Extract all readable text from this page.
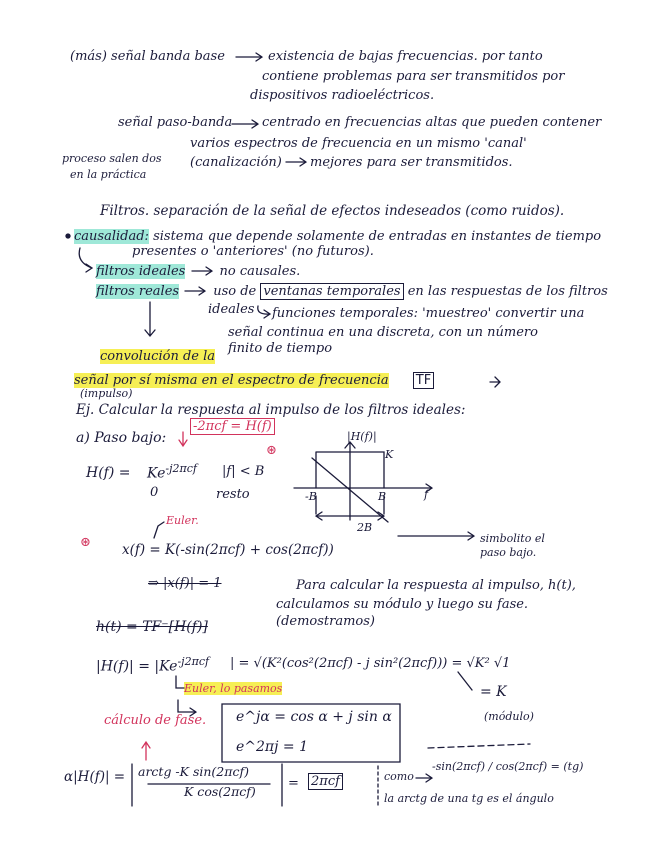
(más) señal banda base	existencia de bajas frecuencias. por tanto
contiene problemas para ser transmitidos por
dispositivos radioeléctricos.
señal paso-banda centrado en frecuencias altas que pueden contener
varios espectros de frecuencia en un mismo 'canal'
(canalización) mejores para ser transmitidos.
proceso salen dos
en la práctica
Filtros. separación de la señal de efectos indeseados (como ruidos).
causalidad: sistema que depende solamente de entradas en instantes de tiempo
presentes o 'anteriores' (no futuros).
filtros ideales	no causales.
filtros reales	uso de ventanas temporales en las respuestas de los filtros
ideales funciones temporales: 'muestreo' convertir una
señal continua en una discreta, con un número
finito de tiempo
convolución de la
señal por sí misma en el espectro de frecuencia TF
(impulso)
Ej. Calcular la respuesta al impulso de los filtros ideales:
a) Paso bajo:
-2πcf = H(f)
$H(f) = Ke^{-j2\pi cf}$ |f| < B
0	resto
|H(f)|
K
-B	B	f
2B
⊛
Euler.
⊛ x(f) = K(-sin(2πcf) + cos(2πcf))
⇒ |x(f)| = 1
simbolito el
paso bajo.
Para calcular la respuesta al impulso, h(t),
calculamos su módulo y luego su fase.
(demostramos)
h(t) = TF⁻[H(f)]
$|H(f)| = |Ke^{-j2\pi cf}$ | = √(K²(cos²(2πcf) - j sin²(2πcf))) = √K² √1
Euler, lo pasamos	= K
(módulo)
cálculo de fase. e^jα = cos α + j sin α
e^2πj = 1
α|H(f)| = arctg -K sin(2πcf)
K cos(2πcf)
= 2πcf	como
-sin(2πcf) / cos(2πcf) = (tg)
la arctg de una tg es el ángulo
